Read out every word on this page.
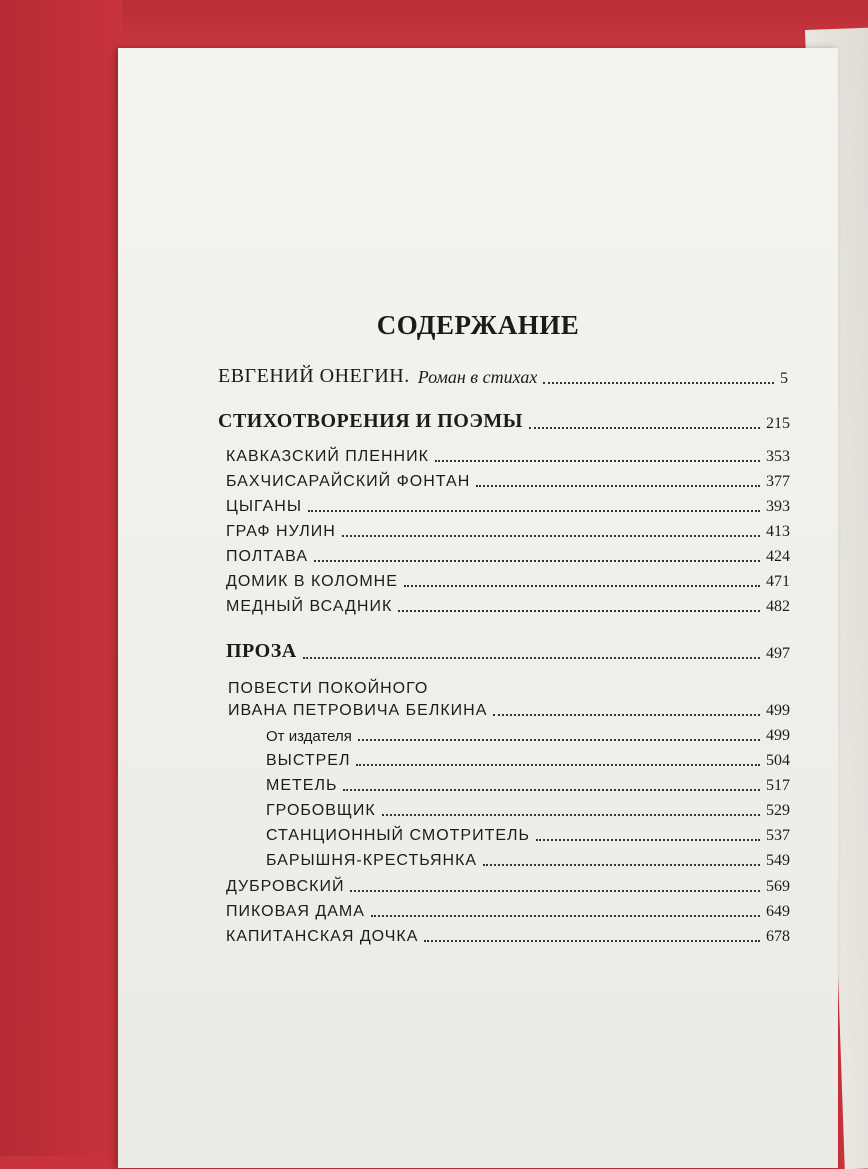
СОДЕРЖАНИЕ
ЕВГЕНИЙ ОНЕГИН. Роман в стихах	5
СТИХОТВОРЕНИЯ И ПОЭМЫ	215
КАВКАЗСКИЙ ПЛЕННИК	353
БАХЧИСАРАЙСКИЙ ФОНТАН	377
ЦЫГАНЫ	393
ГРАФ НУЛИН	413
ПОЛТАВА	424
ДОМИК В КОЛОМНЕ	471
МЕДНЫЙ ВСАДНИК	482
ПРОЗА	497
ПОВЕСТИ ПОКОЙНОГО
ИВАНА ПЕТРОВИЧА БЕЛКИНА	499
От издателя	499
ВЫСТРЕЛ	504
МЕТЕЛЬ	517
ГРОБОВЩИК	529
СТАНЦИОННЫЙ СМОТРИТЕЛЬ	537
БАРЫШНЯ-КРЕСТЬЯНКА	549
ДУБРОВСКИЙ	569
ПИКОВАЯ ДАМА	649
КАПИТАНСКАЯ ДОЧКА	678
